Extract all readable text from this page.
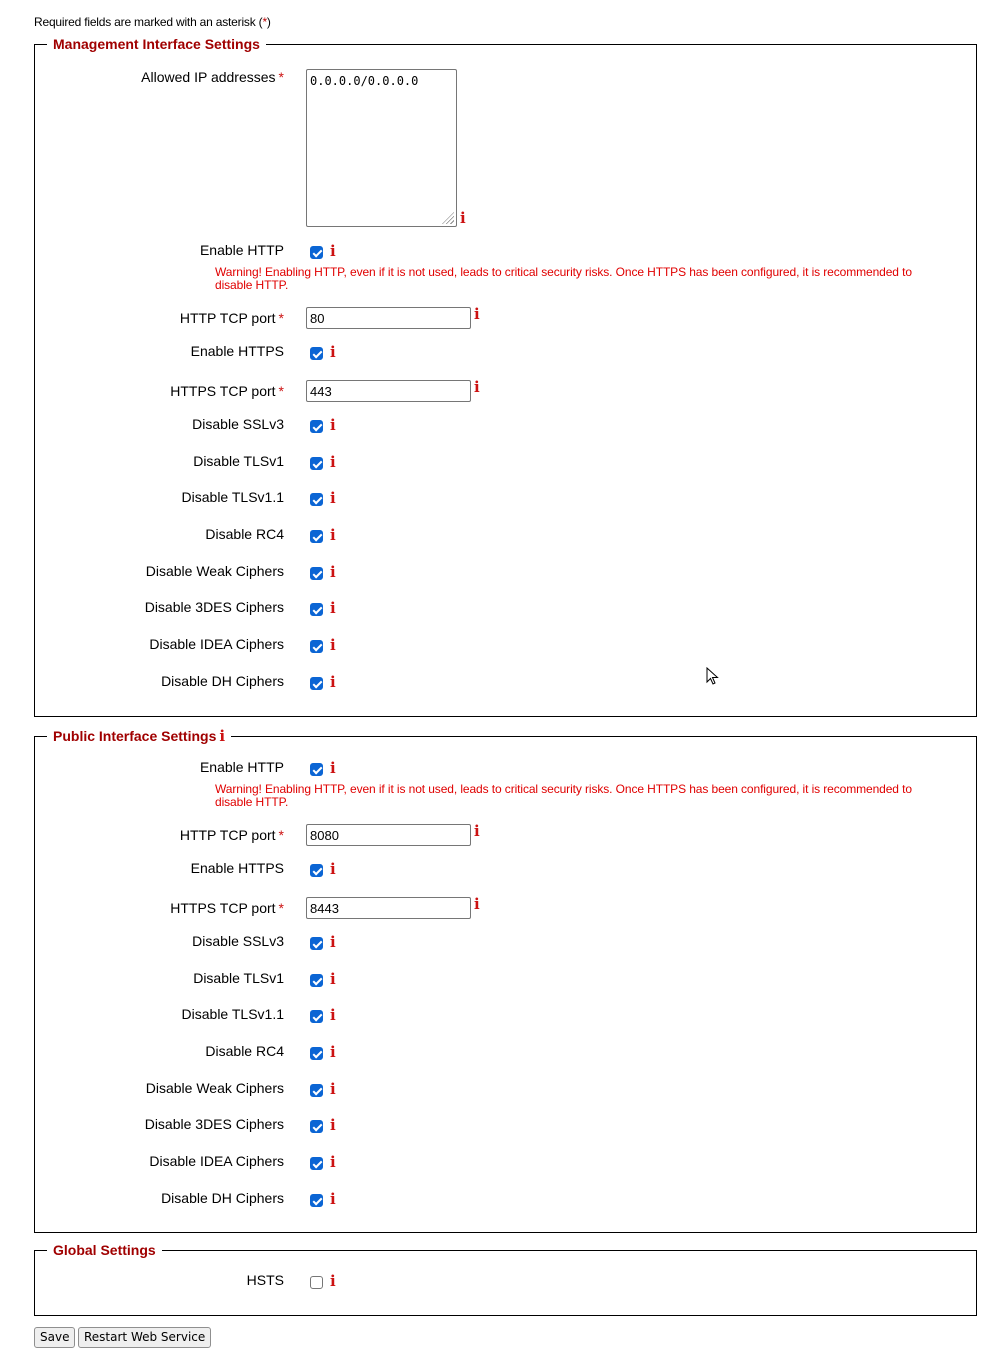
Required fields are marked with an asterisk (*)
Management Interface Settings
Allowed IP addresses *	0.0.0.0/0.0.0.0
i
Enable HTTP	i
Warning! Enabling HTTP, even if it is not used, leads to critical security risks. Once HTTPS has been configured, it is recommended to disable HTTP.
HTTP TCP port *	80	i
Enable HTTPS	i
HTTPS TCP port *	443	i
Disable SSLv3	i
Disable TLSv1	i
Disable TLSv1.1	i
Disable RC4	i
Disable Weak Ciphers	i
Disable 3DES Ciphers	i
Disable IDEA Ciphers	i
Disable DH Ciphers	i
Public Interface Settings i
Enable HTTP	i
Warning! Enabling HTTP, even if it is not used, leads to critical security risks. Once HTTPS has been configured, it is recommended to disable HTTP.
HTTP TCP port *	8080	i
Enable HTTPS	i
HTTPS TCP port *	8443	i
Disable SSLv3	i
Disable TLSv1	i
Disable TLSv1.1	i
Disable RC4	i
Disable Weak Ciphers	i
Disable 3DES Ciphers	i
Disable IDEA Ciphers	i
Disable DH Ciphers	i
Global Settings
HSTS	i
Save	Restart Web Service
